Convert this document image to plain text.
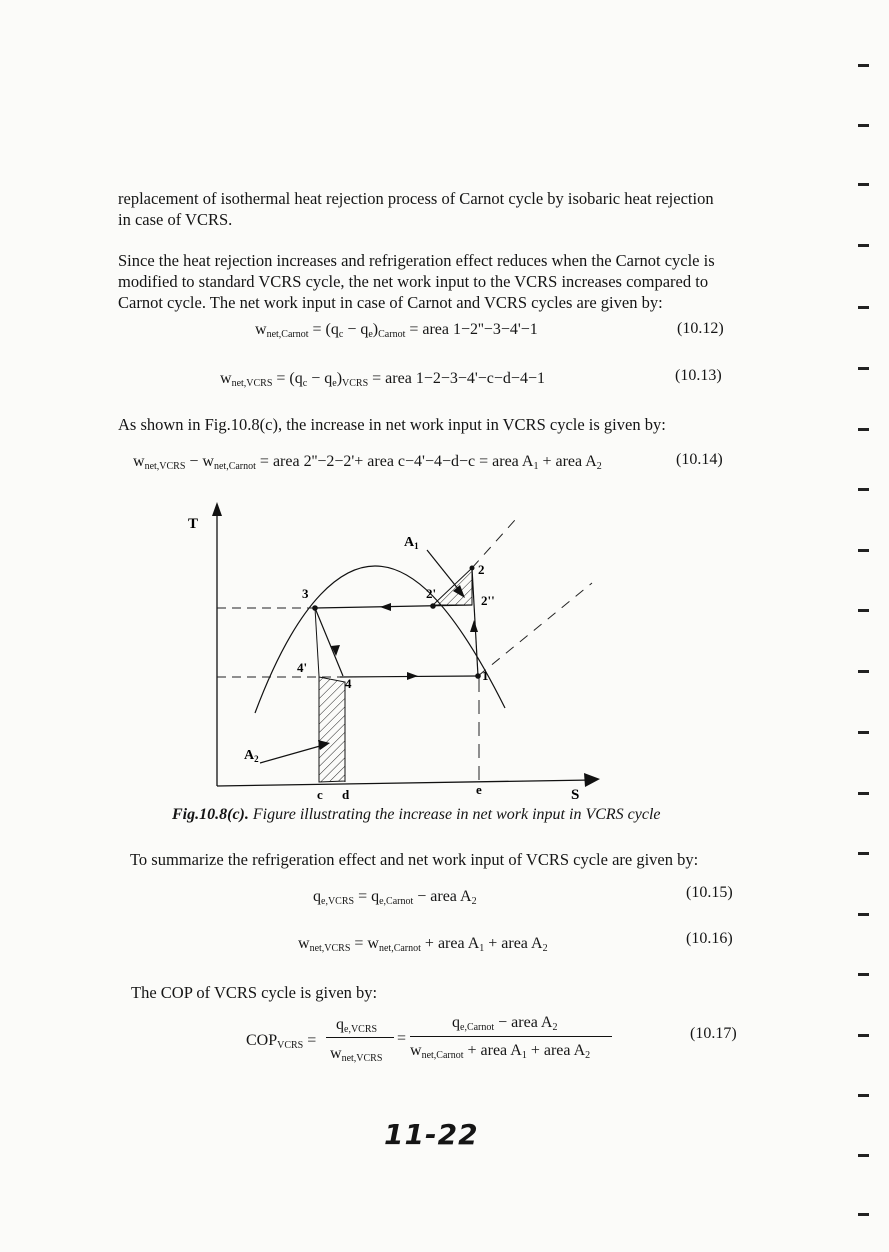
replacement of isothermal heat rejection process of Carnot cycle by isobaric heat rejection in case of VCRS.
Since the heat rejection increases and refrigeration effect reduces when the Carnot cycle is modified to standard VCRS cycle, the net work input to the VCRS increases compared to Carnot cycle. The net work input in case of Carnot and VCRS cycles are given by:
wnet,Carnot = (qc − qe)Carnot = area 1−2''−3−4'−1	(10.12)
wnet,VCRS = (qc − qe)VCRS = area 1−2−3−4'−c−d−4−1	(10.13)
As shown in Fig.10.8(c), the increase in net work input in VCRS cycle is given by:
wnet,VCRS − wnet,Carnot = area 2''−2−2'+ area c−4'−4−d−c = area A1 + area A2	(10.14)
T
S
3	2'	2''
2
1
4'
4
$A_1$
$A_2$
c d	e
Fig.10.8(c). Figure illustrating the increase in net work input in VCRS cycle
To summarize the refrigeration effect and net work input of VCRS cycle are given by:
qe,VCRS = qe,Carnot − area A2
(10.15)
wnet,VCRS = wnet,Carnot + area A1 + area A2
(10.16)
The COP of VCRS cycle is given by:
COPVCRS =
qe,VCRS
wnet,VCRS
=
qe,Carnot − area A2
wnet,Carnot + area A1 + area A2
(10.17)
11-22
